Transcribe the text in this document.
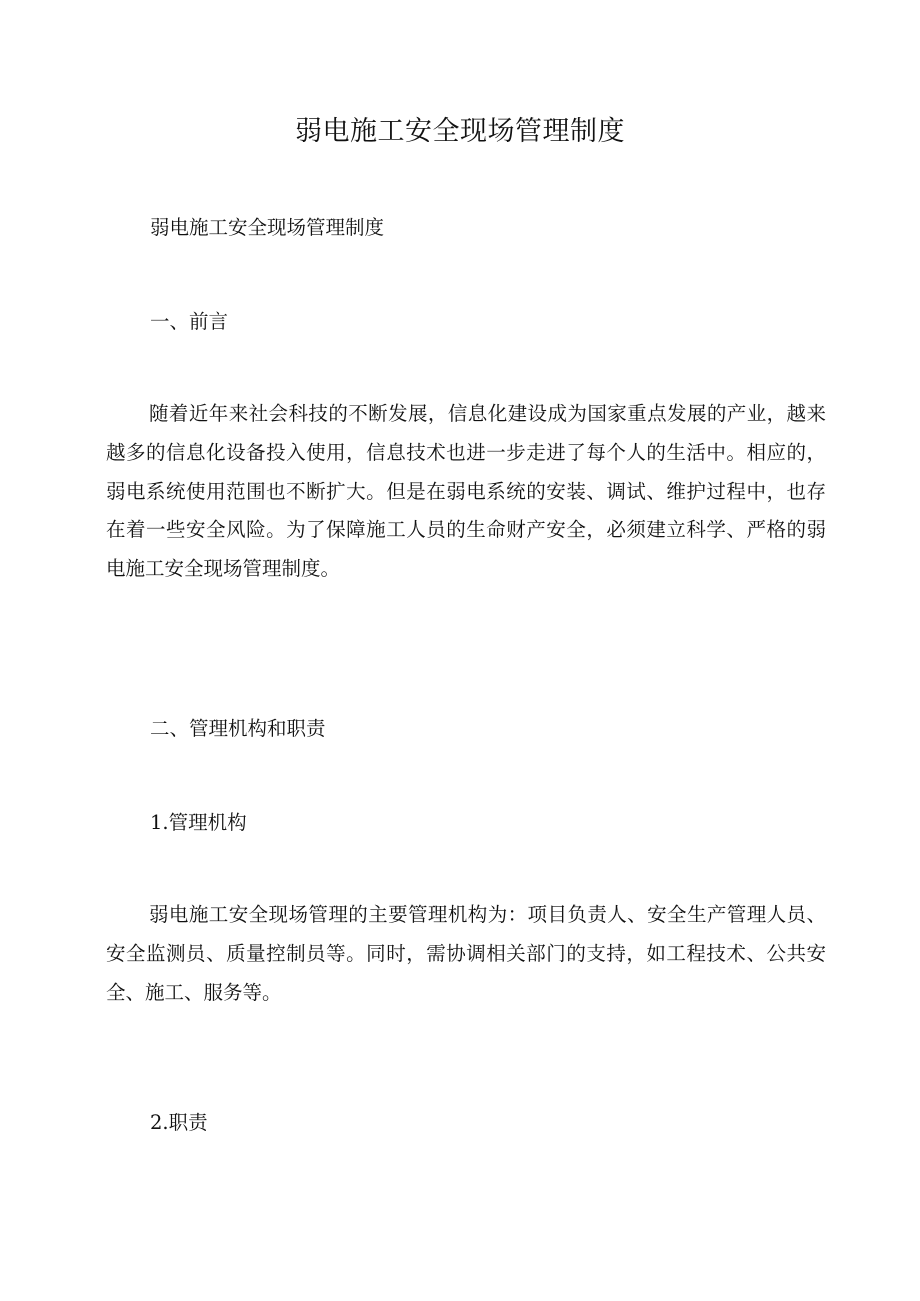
弱电施工安全现场管理制度
弱电施工安全现场管理制度
一、前言
随着近年来社会科技的不断发展，信息化建设成为国家重点发展的产业，越来越多的信息化设备投入使用，信息技术也进一步走进了每个人的生活中。相应的，弱电系统使用范围也不断扩大。但是在弱电系统的安装、调试、维护过程中，也存在着一些安全风险。为了保障施工人员的生命财产安全，必须建立科学、严格的弱电施工安全现场管理制度。
二、管理机构和职责
1.管理机构
弱电施工安全现场管理的主要管理机构为：项目负责人、安全生产管理人员、安全监测员、质量控制员等。同时，需协调相关部门的支持，如工程技术、公共安全、施工、服务等。
2.职责
